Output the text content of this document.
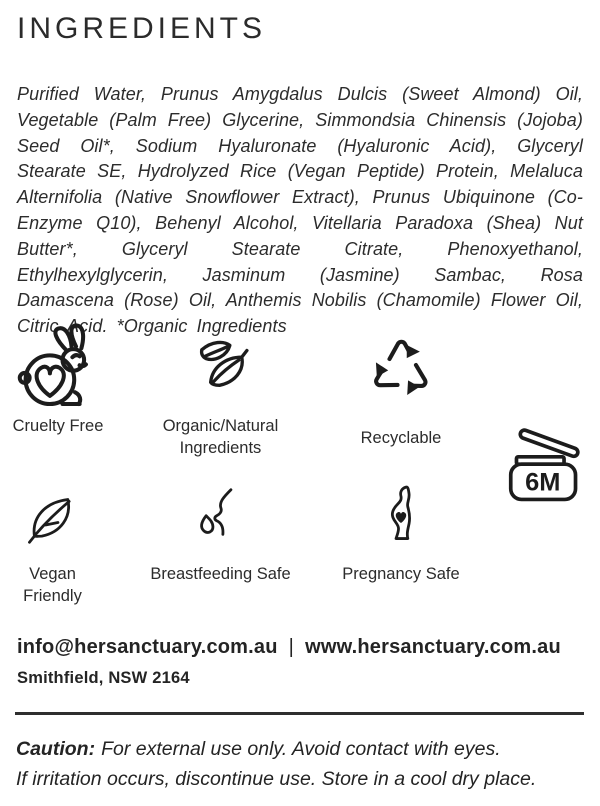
INGREDIENTS

Purified Water, Prunus Amygdalus Dulcis (Sweet Almond) Oil, Vegetable (Palm Free) Glycerine, Simmondsia Chinensis (Jojoba) Seed Oil*, Sodium Hyaluronate (Hyaluronic Acid), Glyceryl Stearate SE, Hydrolyzed Rice (Vegan Peptide) Protein, Melaluca Alternifolia (Native Snowflower Extract), Prunus Ubiquinone (Co-Enzyme Q10), Behenyl Alcohol, Vitellaria Paradoxa (Shea) Nut Butter*, Glyceryl Stearate Citrate, Phenoxyethanol, Ethylhexylglycerin, Jasminum (Jasmine) Sambac, Rosa Damascena (Rose) Oil, Anthemis Nobilis (Chamomile) Flower Oil, Citric Acid. *Organic Ingredients

Cruelty Free	Organic/Natural Ingredients
Recyclable
6M
Vegan Friendly
Breastfeeding Safe	Pregnancy Safe
info@hersanctuary.com.au | www.hersanctuary.com.au
Smithfield, NSW 2164
Caution: For external use only. Avoid contact with eyes.
If irritation occurs, discontinue use. Store in a cool dry place.
